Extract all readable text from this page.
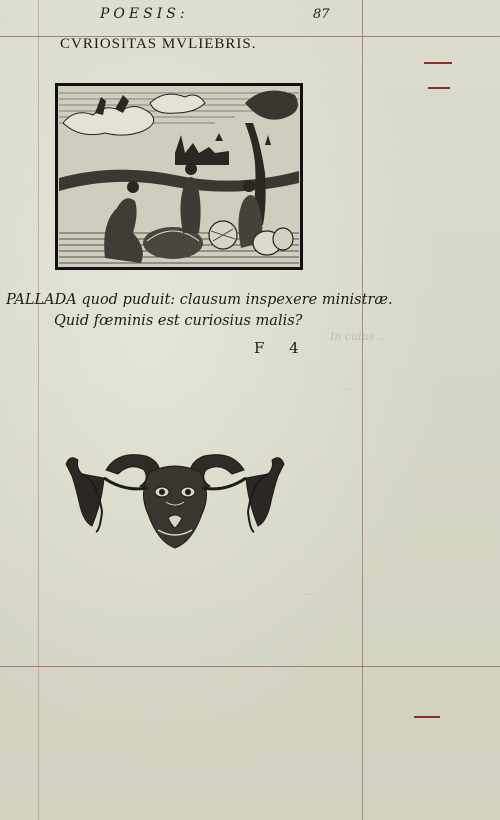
In cuius ...
...
...
POESIS:	87
CVRIOSITAS MVLIEBRIS.
PALLADA quod puduit: clausum inspexere ministræ.
Quid fœminis est curiosius malis?
F 4
